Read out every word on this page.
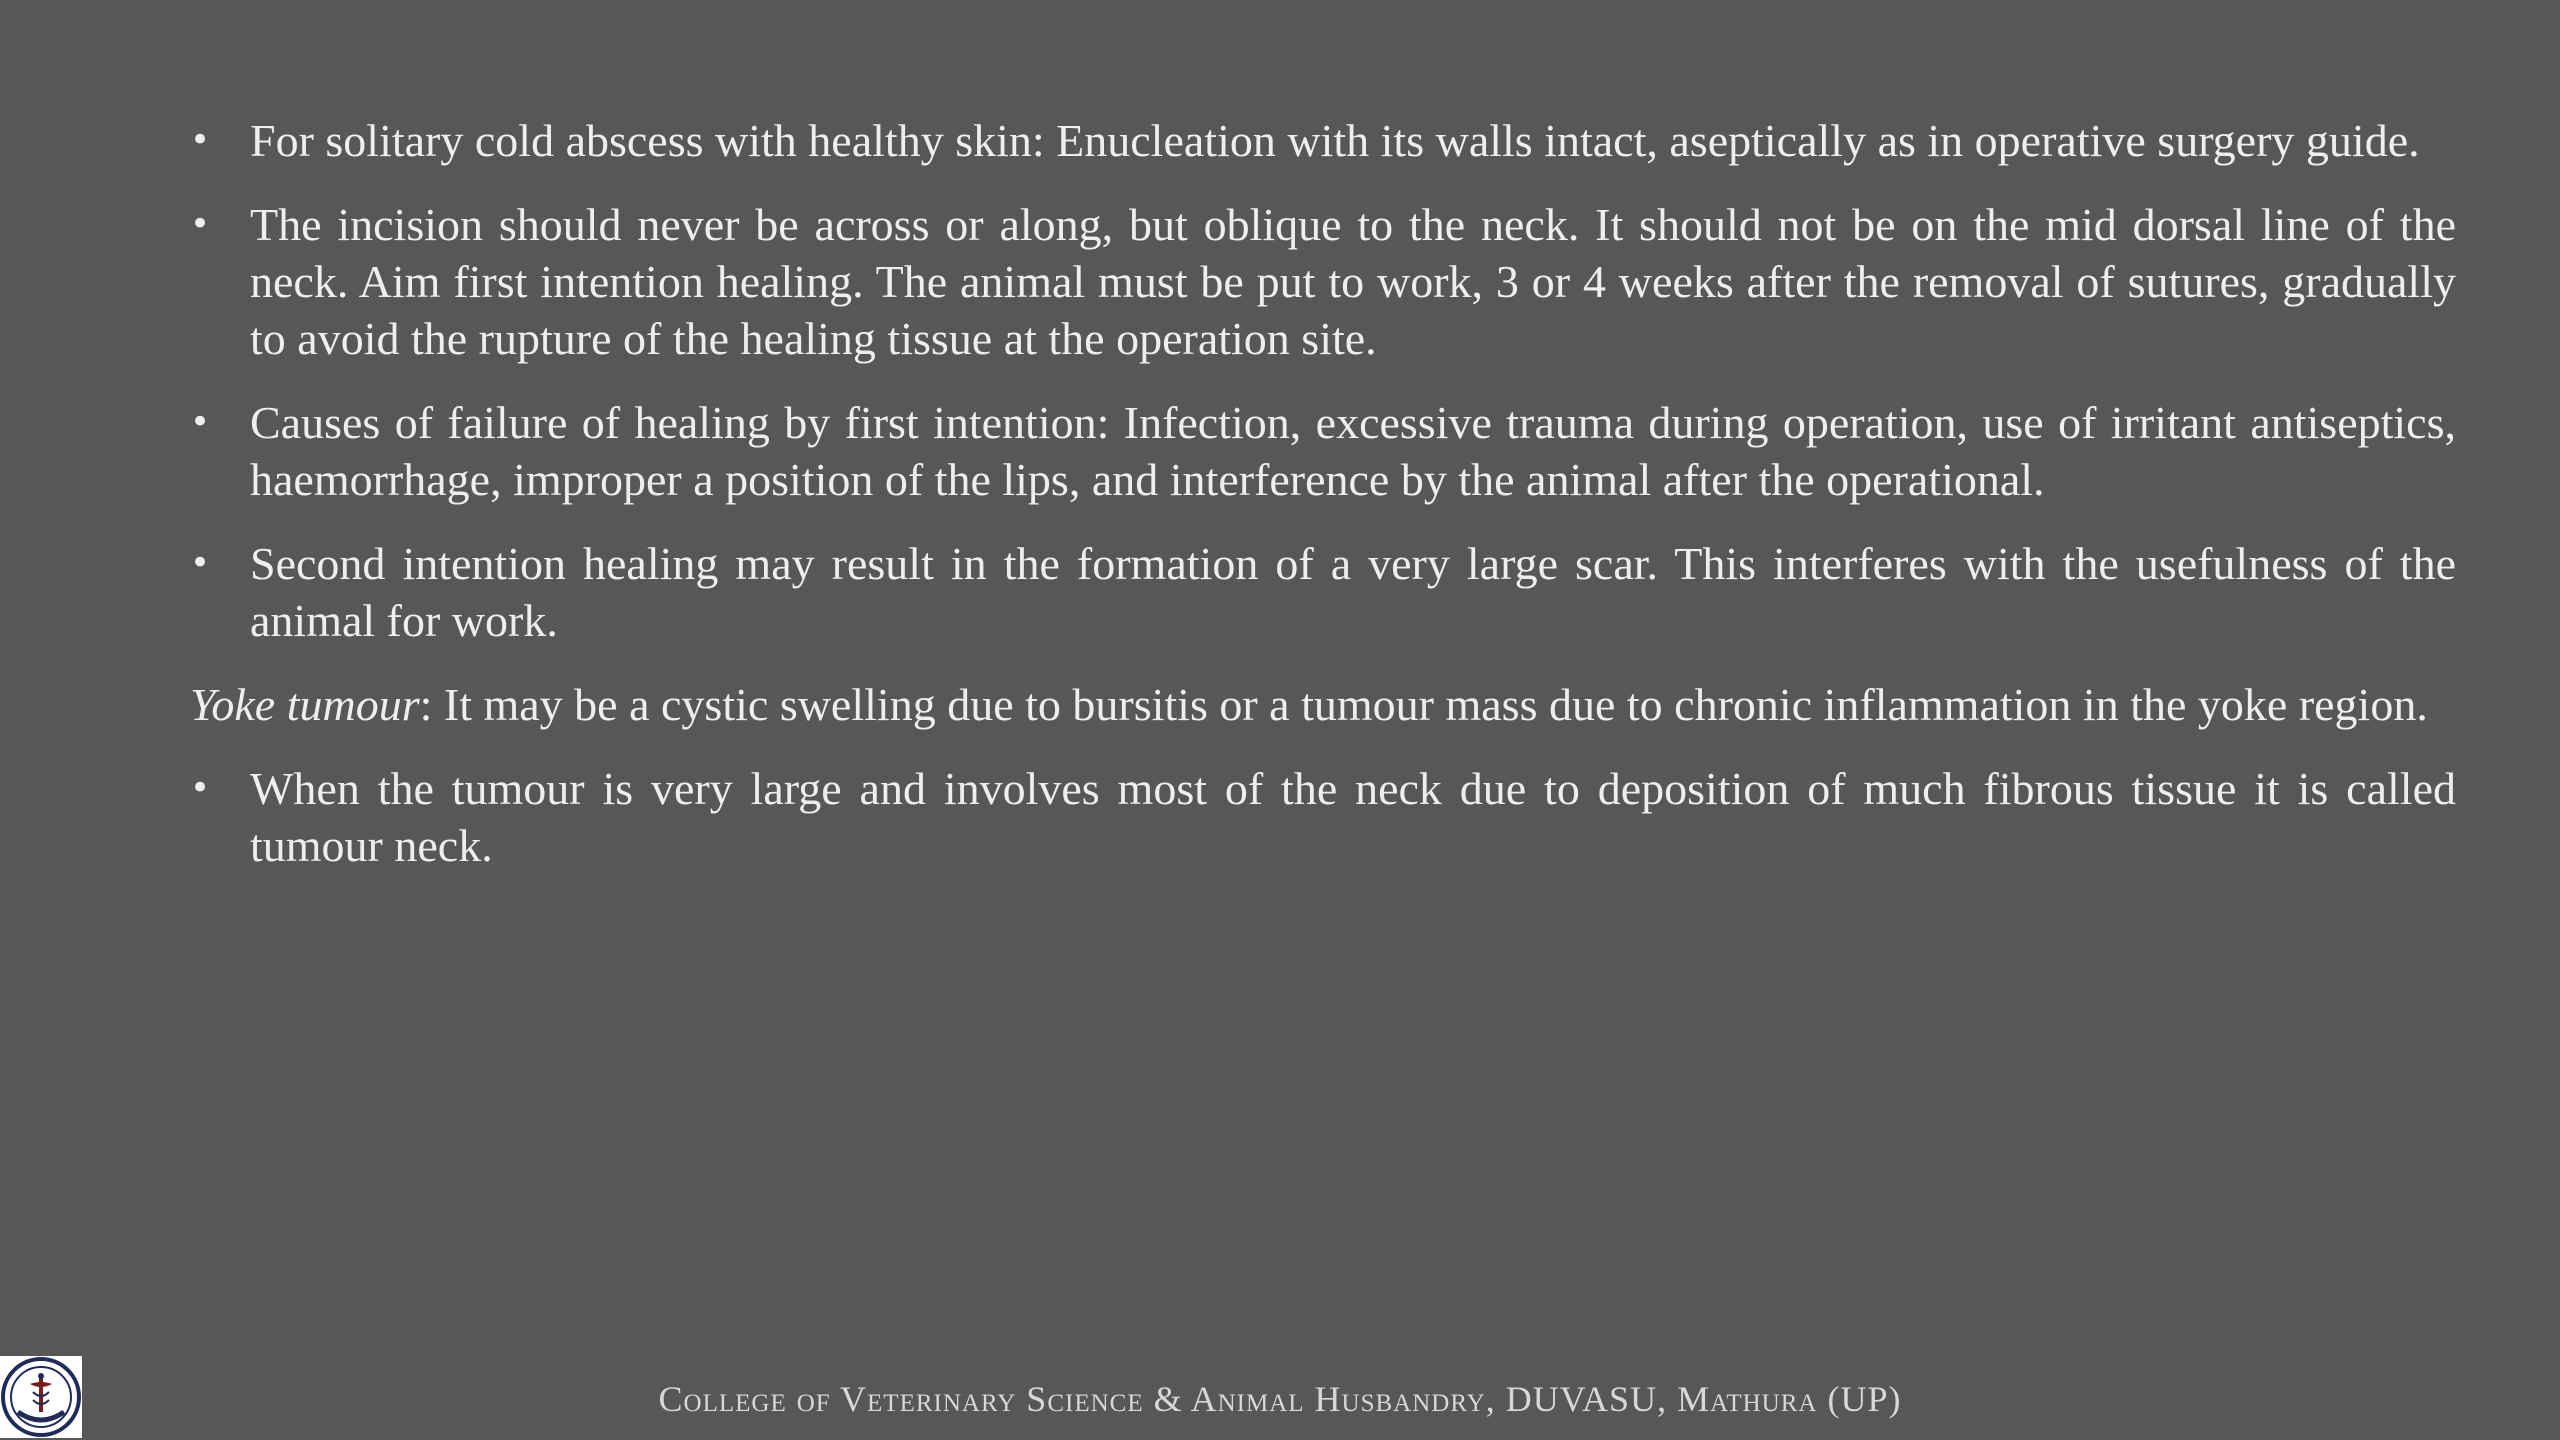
• For solitary cold abscess with healthy skin: Enucleation with its walls intact, aseptically as in operative surgery guide.

• The incision should never be across or along, but oblique to the neck. It should not be on the mid dorsal line of the neck. Aim first intention healing. The animal must be put to work, 3 or 4 weeks after the removal of sutures, gradually to avoid the rupture of the healing tissue at the operation site.

• Causes of failure of healing by first intention: Infection, excessive trauma during operation, use of irritant antiseptics, haemorrhage, improper a position of the lips, and interference by the animal after the operational.

• Second intention healing may result in the formation of a very large scar. This interferes with the usefulness of the animal for work.

Yoke tumour: It may be a cystic swelling due to bursitis or a tumour mass due to chronic inflammation in the yoke region.

• When the tumour is very large and involves most of the neck due to deposition of much fibrous tissue it is called tumour neck.

College of Veterinary Science & Animal Husbandry, DUVASU, Mathura (UP)
